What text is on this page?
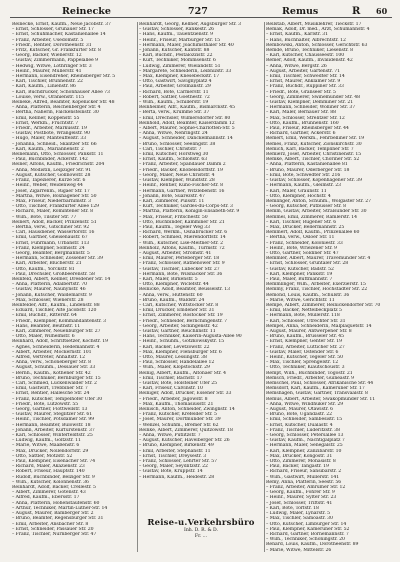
Reinecke	727	Remus	R 60
Reinecke, Ernst, Kaufm., Neue Jacobstr. 37
– Ernst, Schlosser, Grünauer Str. 17
– Ernst, Schuhmacher, Kastanienallee 14
– Franz, Arbeiter, Usedomstr. 5
– Friedr., Rentier, Dorotheenstr. 31
– Fritz, Kutscher, Gr. Frankfurter Str. 8
– Georg, Bäcker, Wienerstr. 12
– Gustav, Zimmermann, Pappelallee 9
– Hedwig, Witwe, Lothringer Str. 3
– Heinr., Maurer, Müllerstr. 41
– Hermann, Eisendreher, Rheinsberger Str. 5
– Karl, Tischler, Brunnenstr. 22
– Karl, Kaufm., Linienstr. 86
– Karl, Buchdrucker, Schönhauser Allee 73
– Louise, verw., Oranienstr. 115
Reineke, Alfred, Beamter, Köpenicker Str. 48
– Anna, Plätterin, Reichenberger Str. 4
– Bertha, Näherin, Falckensteinstr. 30
– Emil, Kellner, Koppenstr. 55
– Ernst, Werkm., Fruchtstr. 7
– Friedr., Arbeiter, Markusstr. 19
– Gustav, Postbote, Wrangelstr. 90
– Hugo, Maler, Manteuffelstr. 33
– Johanna, Schneid., Skalitzer Str. 66
– Karl, Kaufm., Mariannenstr. 2
Reinemann, Otto, Schlosser, Pankstr. 11
– Paul, Buchbinder, Ackerstr. 142
Reiner, Alfons, Kaufm., Friedrichstr. 204
– Anna, Modistin, Leipziger Str. 91
– August, Kutscher, Gollnowstr. 28
– Franz, Tapezierer, Kurze Str. 6
– Heinr., Weber, Weidenweg 44
– Josef, Zigarrenm., Rigaer Str. 17
– Martha, Witwe, Boxhagener Str. 50
– Max, Friseur, Niederbarnimstr. 3
– Otto, Tischler, Frankfurter Allee 129
– Richard, Maler, Romintener Str. 8
– Wilh., Bote, Tilsiter Str. 77
Reinert, Adolf, Bäcker, Prinzenstr. 51
– Bertha, verw., Gitschiner Str. 92
– Carl, Hausdiener, Wassertorstr. 16
– Emil, Gärtner, Gneisenaustr. 67
– Ernst, Fuhrmann, Urbanstr. 113
– Franz, Klempner, Solmsstr. 24
– Georg, Beamter, Bergmannstr. 5
– Hermann, Schneider, Zossener Str. 39
– Karl, Arbeiter, Blücherstr. 21
– Otto, Kaufm., Yorckstr. 81
– Paul, Drechsler, Großbeerenstr. 58
Reinfeld, Albert, Kellner, Dresdener Str. 14
– Anna, Plätterin, Adalbertstr. 70
– Gustav, Maurer, Naunynstr. 46
– Johann, Kutscher, Waldemarstr. 9
– Max, Schlosser, Wienerstr. 28
Reinfelder, Alfr., Kaufm., Lindenstr. 88
– Eduard, Tischler, Alte Jacobstr. 120
– Emil, Buchdr., Ritterstr. 64
– Friedr., Klempner, Kommandantenstr. 3
– Hans, Beamter, Beuthstr. 11
– Karl, Zimmerer, Neuenburger Str. 27
– Otto, Maler, Wilhelmstr. 6
Reinhard, Adolf, Schriftsetzer, Kochstr. 19
– Agnes, Schneiderin, Hedemannstr. 4
– Albert, Arbeiter, Möckernstr. 101
– Alfred, Vertreter, Anhaltstr. 12
– Anna, verw., Schöneberger Str. 8
– August, Schuhm., Dessauer Str. 33
– Bernh., Kaufm., Köthener Str. 42
– Bruno, Techniker, Bernburger Str. 15
– Carl, Schmied, Luckenwalder Str. 2
– Emil, Gastwirt, Trebbiner Str. 7
– Ernst, Rentier, Hallesche Str. 24
– Franz, Kutscher, Tempelhofer Ufer 30
– Friedr., Bote, Lützowstr. 55
– Georg, Gärtner, Flottwellstr. 13
– Gustav, Maurer, Steglitzer Str. 61
– Heinr., Tischler, Potsdamer Str. 99
– Hermann, Beamter, Bülowstr. 18
– Johann, Arbeiter, Kurfürstenstr. 37
– Karl, Schlosser, Winterfeldtstr. 25
– Ludwig, Kaufm., Goltzstr. 11
– Marie, Witwe, Maaßenstr. 6
– Max, Drucker, Nollendorfstr. 29
– Otto, Sattler, Motzstr. 52
– Paul, Klempner, Eisenacher Str. 74
– Richard, Maler, Akazienstr. 23
– Robert, Friseur, Hauptstr. 140
– Rudolf, Buchbinder, Belziger Str. 9
– Wilh., Kutscher, Kolonnenstr. 36
Reinhardt, Adolf, Bäcker, Crellestr. 5
– Albert, Zimmerer, Gotenstr. 43
– Alfred, Kaufm., Ebersstr. 17
– Anna, Plätterin, Hohenstaufenstr. 60
– Arthur, Techniker, Martin-Luther-Str. 14
– August, Maurer, Bamberger Str. 2
– Bruno, Beamter, Regensburger Str. 31
– Emil, Arbeiter, Ansbacher Str. 8
– Ernst, Schneider, Passauer Str. 20
– Franz, Tischler, Nürnberger Str. 47
Reinhardt, Georg, Kellner, Augsburger Str. 3
– Gustav, Schlosser, Rankestr. 26
– Hans, Kaufm., Tauentzienstr. 9
– Heinr., Friseur, Marburger Str. 15
– Hermann, Maler, Joachimsthaler Str. 40
– Johann, Kutscher, Kantstr. 88
– Karl, Buchdr., Pestalozzistr. 22
– Kurt, Techniker, Mommsenstr. 6
– Ludwig, Zimmerer, Wielandstr. 51
– Margarete, Schneiderin, Leibnizstr. 33
– Max, Klempner, Knesebeckstr. 17
– Otto, Gastwirt, Savignyplatz 4
– Paul, Arbeiter, Grolmanstr. 29
– Richard, Bote, Carmerstr. 11
– Robert, Sattler, Goethestr. 72
– Wilh., Kaufm., Schillerstr. 19
Reinheimer, Alfr., Kaufm., Bismarckstr. 45
– Berta, verw., Krumme Str. 37
– Emil, Drechsler, Wilmersdorfer Str. 80
Reinhold, Adolf, Beamter, Kaiserdamm 12
– Albert, Maurer, Sophie-Charlotten-Str. 5
– Anna, Witwe, Nehringstr. 24
– August, Schneider, Danckelmannstr. 14
– Bruno, Schlosser, Seelingstr. 38
– Carl, Tischler, Christstr. 7
– Emil, Kutscher, Horstweg 30
– Ernst, Kaufm., Schloßstr. 63
– Franz, Arbeiter, Spandauer Damm 2
– Friedr., Bäcker, Knobelsdorffstr. 19
– Georg, Maler, Neue Christstr. 4
– Gustav, Klempner, Wundtstr. 28
– Heinr., Rentier, Kuno-Fischer-Str. 8
– Hermann, Gärtner, Witzlebenstr. 16
– Johann, Bote, Suarezstr. 47
– Karl, Zimmerer, Pulsstr. 11
– Kurt, Techniker, Gardes-du-Corps-Str. 3
– Martha, Plätterin, Königin-Elisabeth-Str. 9
– Max, Friseur, Fritschestr. 50
– Otto, Buchbinder, Kamminer Str. 21
– Paul, Kaufm., Tegeler Weg 33
– Richard, Werkm., Osnabrücker Str. 6
– Robert, Schmied, Mierendorffstr. 14
– Wilh., Kutscher, Lise-Meitner-Str. 2
Reinholz, Alfons, Kaufm., Turmstr. 72
– August, Arbeiter, Stromstr. 41
– Emil, Maurer, Perleberger Str. 18
– Franz, Schlosser, Rathenower Str. 9
– Gustav, Tischler, Lübecker Str. 27
– Hermann, Bote, Wilsnacker Str. 36
– Karl, Maler, Birkenstr. 5
– Otto, Klempner, Wiclefstr. 44
Reinicke, Adolf, Beamter, Beusselstr. 13
– Anna, verw., Huttenstr. 60
– Bruno, Kaufm., Waldstr. 24
– Carl, Kutscher, Wittstocker Str. 8
– Emil, Drucker, Emdener Str. 31
– Ernst, Zimmerer, Rostocker Str. 19
– Friedr., Schneider, Berlichingenstr. 7
– Georg, Arbeiter, Sickingenstr. 42
– Gustav, Gärtner, Reuchlinstr. 11
– Hans, Techniker, Kaiserin-Augusta-Allee 90
– Heinr., Schuhm., Gotzkowskystr. 15
– Karl, Bäcker, Levetzowstr. 22
– Max, Klempner, Flensburger Str. 6
– Otto, Maurer, Lessingstr. 38
– Paul, Schlosser, Händelallee 12
– Wilh., Maler, Klopstockstr. 29
Reinig, Albert, Kaufm., Altonaer Str. 4
– Emil, Tischler, Bachstr. 17
– Gustav, Bote, Holsteiner Ufer 25
– Karl, Friseur, Calvinstr. 10
Reiniger, Adolf, Drucker, Essener Str. 33
– Friedr., Arbeiter, Jagowstr. 8
– Max, Kaufm., Thomasiusstr. 21
Reinisch, Anton, Schneider, Zwinglistr. 14
– Franz, Kutscher, Krefelder Str. 5
– Josef, Maurer, Dortmunder Str. 39
– Wenzel, Schuhm., Bremer Str. 62
Reinke, Albert, Zimmerer, Quitzowstr. 18
– Anna, Witwe, Putlitzstr. 7
– August, Kutscher, Havelberger Str. 26
– Bruno, Klempner, Birkenstr. 49
– Emil, Arbeiter, Stephanstr. 11
– Ernst, Tischler, Dreysestr. 3
– Franz, Schlosser, Lehrter Str. 57
– Georg, Maler, Seydlitzstr. 22
– Gustav, Bote, Kruppstr. 14
– Hermann, Kaufm., Heidestr. 28
Rellstab, Albert, Musiklehrer, Tieckstr. 17
Remak, Adolf, Dr. med., Arzt, Schumannstr. 4
– Ernst, Kaufm., Karlstr. 31
– Hans, Buchhalter, Albrechtstr. 12
Rembowski, Anton, Schlosser, Gerichtstr. 63
Remde, Bruno, Techniker, Liesenstr. 8
– Karl, Kutscher, Chausseestr. 100
Remer, Adolf, Kaufm., Invalidenstr. 42
– Anna, Witwe, Bergstr. 26
– August, Arbeiter, Gartenstr. 71
– Emil, Tischler, Schwedter Str. 14
– Ernst, Maurer, Anklamer Str. 9
– Franz, Buchdr., Ruppiner Str. 33
– Friedr., Bote, Granseer Str. 5
– Georg, Zimmerer, Swinemünder Str. 48
– Gustav, Klempner, Demminer Str. 21
– Hermann, Schneider, Wolliner Str. 37
– Karl, Maler, Bernauer Str. 88
– Max, Schlosser, Strelitzer Str. 12
– Otto, Kaufm., Brunnenstr. 160
– Paul, Friseur, Rheinsberger Str. 44
– Richard, Gärtner, Ackerstr. 6
Remert, Emil, Werkm., Fehrbelliner Str. 19
Remes, Franz, Kutscher, Zionskirchstr. 30
Remich, Karl, Bäcker, Templiner Str. 7
Remierz, Josef, Arbeiter, Christinenstr. 15
Remke, Albert, Tischler, Choriner Str. 52
– Anna, Plätterin, Kastanienallee 81
– Bruno, Maurer, Oderberger Str. 18
– Emil, Bote, Schwedter Str. 216
– Gustav, Schlosser, Kopenhagener Str. 39
– Hermann, Kaufm., Gleimstr. 23
– Karl, Maler, Graunstr. 11
– Otto, Klempner, Hochstr. 4
Remlinger, Anton, Schuhm., Wolgaster Str. 27
– Georg, Kutscher, Putbusser Str. 8
Remm, Gustav, Arbeiter, Stralsunder Str. 30
Remmel, Emil, Zimmerer, Ramlerstr. 14
– Karl, Tischler, Rügener Str. 6
– Max, Drucker, Bellermannstr. 25
Remmert, Adolf, Kaufm., Prinzenallee 60
– Bertha, verw., Osloer Str. 11
– Franz, Schneider, Koloniestr. 33
– Heinr., Bote, Wriezener Str. 9
– Otto, Gärtner, Soldiner Str. 47
Remmler, Albert, Maurer, Travemünder Str. 4
– Ernst, Schlosser, Grüntaler Str. 28
– Gustav, Kutscher, Badstr. 52
– Karl, Klempner, Pankstr. 19
– Paul, Maler, Buttmannstr. 7
Remmlinger, Wilh., Arbeiter, Exerzierstr. 15
Remmy, Franz, Tischler, Hochstädter Str. 22
Remond, Louis, Kaufm., Schulstr. 36
– Marie, Witwe, Gerichtstr. 11
Rempe, Albert, Zimmerer, Reinickendorfer Str. 70
– Emil, Bäcker, Nettelbeckplatz 5
– Hermann, Bote, Müllerstr. 118
– Karl, Schlosser, Utrechter Str. 31
Rempel, Anna, Schneiderin, Malplaquetstr. 14
– August, Maurer, Antwerpener Str. 8
– Bruno, Kaufm., Brüsseler Str. 45
– Ernst, Klempner, Genter Str. 19
– Franz, Arbeiter, Lütticher Str. 27
– Gustav, Maler, Ostender Str. 6
– Heinr., Kutscher, Tegeler Str. 50
– Max, Tischler, Sprengelstr. 12
– Otto, Techniker, Kiautschoustr. 3
Rempt, Wilh., Buchbinder, Togostr. 21
Remsch, Friedr., Arbeiter, Guineastr. 9
Remschel, Paul, Schlosser, Afrikanische Str. 44
Remsdorf, Karl, Kaufm., Kameruner Str. 17
Remshagen, Gustav, Gärtner, Transvaalstr. 8
Remus, Albert, Arbeiter, Swakopmunder Str. 11
– Anna, Witwe, Windhuker Str. 29
– August, Maurer, Otawistr. 6
– Bruno, Bote, Ugandastr. 22
– Emil, Schneider, Sambesistr. 15
– Ernst, Kutscher, Dualastr. 4
– Franz, Tischler, Lüderitzstr. 38
– Georg, Schlosser, Petersallee 13
– Gustav, Kaufm., Nachtigalplatz 7
– Hermann, Maler, Senegalstr. 25
– Karl, Klempner, Zanzibarstr. 10
– Max, Drucker, Kongostr. 31
– Otto, Zimmerer, Mohasistr. 8
– Paul, Bäcker, Tangastr. 19
– Richard, Friseur, Sansibarstr. 2
– Wilh., Gastwirt, Müllerstr. 141
Remy, Anna, Plätterin, Seestr. 56
– Franz, Arbeiter, Amrumer Str. 12
– Georg, Kaufm., Föhrer Str. 9
– Heinr., Maurer, Sylter Str. 23
– Josef, Schlosser, Triftstr. 41
– Karl, Bote, Torfstr. 18
– Ludwig, Maler, Lynarstr. 5
– Max, Tischler, Samoastr. 30
– Otto, Kutscher, Limburger Str. 14
– Paul, Klempner, Kameruner Str. 52
– Richard, Gärtner, Bornemannstr. 7
– Wilh., Techniker, Schöningstr. 20
Renard, Louis, Kaufm., Dorotheenstr. 89
– Marie, Witwe, Mittelstr. 26
Reise-u.Verkehrsbüro
Inh. D. R. & D.
Fr. ...
